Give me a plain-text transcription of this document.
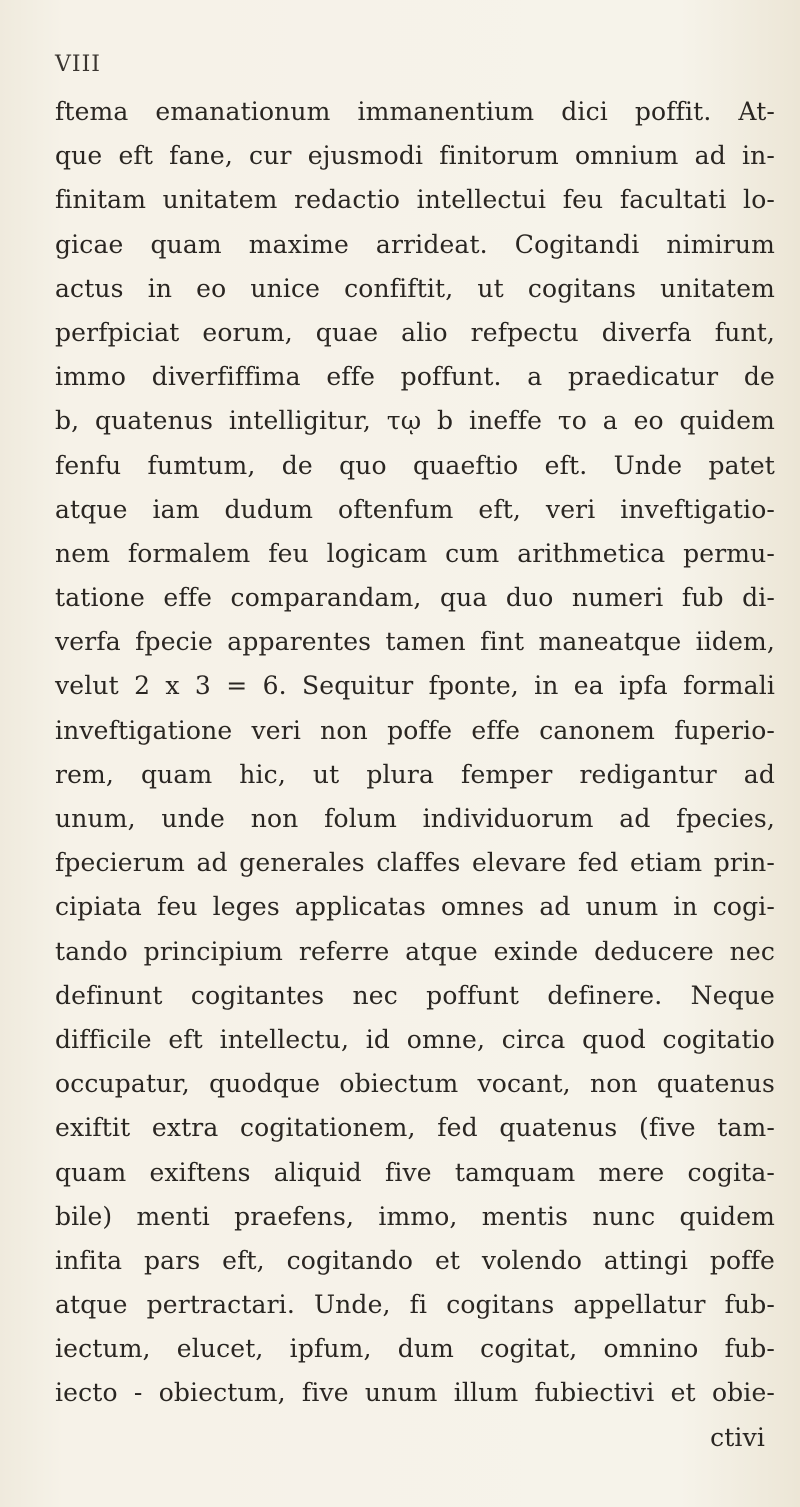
VIII
ftema emanationum immanentium dici poffit. At-
que eft fane, cur ejusmodi finitorum omnium ad in-
finitam unitatem redactio intellectui feu facultati lo-
gicae quam maxime arrideat. Cogitandi nimirum
actus in eo unice confiftit, ut cogitans unitatem
perfpiciat eorum, quae alio refpectu diverfa funt,
immo diverfiffima effe poffunt. a praedicatur de
b, quatenus intelligitur, τῳ b ineffe το a eo quidem
fenfu fumtum, de quo quaeftio eft. Unde patet
atque iam dudum oftenfum eft, veri inveftigatio-
nem formalem feu logicam cum arithmetica permu-
tatione effe comparandam, qua duo numeri fub di-
verfa fpecie apparentes tamen fint maneatque iidem,
velut 2 x 3 = 6. Sequitur fponte, in ea ipfa formali
inveftigatione veri non poffe effe canonem fuperio-
rem, quam hic, ut plura femper redigantur ad
unum, unde non folum individuorum ad fpecies,
fpecierum ad generales claffes elevare fed etiam prin-
cipiata feu leges applicatas omnes ad unum in cogi-
tando principium referre atque exinde deducere nec
definunt cogitantes nec poffunt definere. Neque
difficile eft intellectu, id omne, circa quod cogitatio
occupatur, quodque obiectum vocant, non quatenus
exiftit extra cogitationem, fed quatenus (five tam-
quam exiftens aliquid five tamquam mere cogita-
bile) menti praefens, immo, mentis nunc quidem
infita pars eft, cogitando et volendo attingi poffe
atque pertractari. Unde, fi cogitans appellatur fub-
iectum, elucet, ipfum, dum cogitat, omnino fub-
iecto - obiectum, five unum illum fubiectivi et obie-
ctivi
